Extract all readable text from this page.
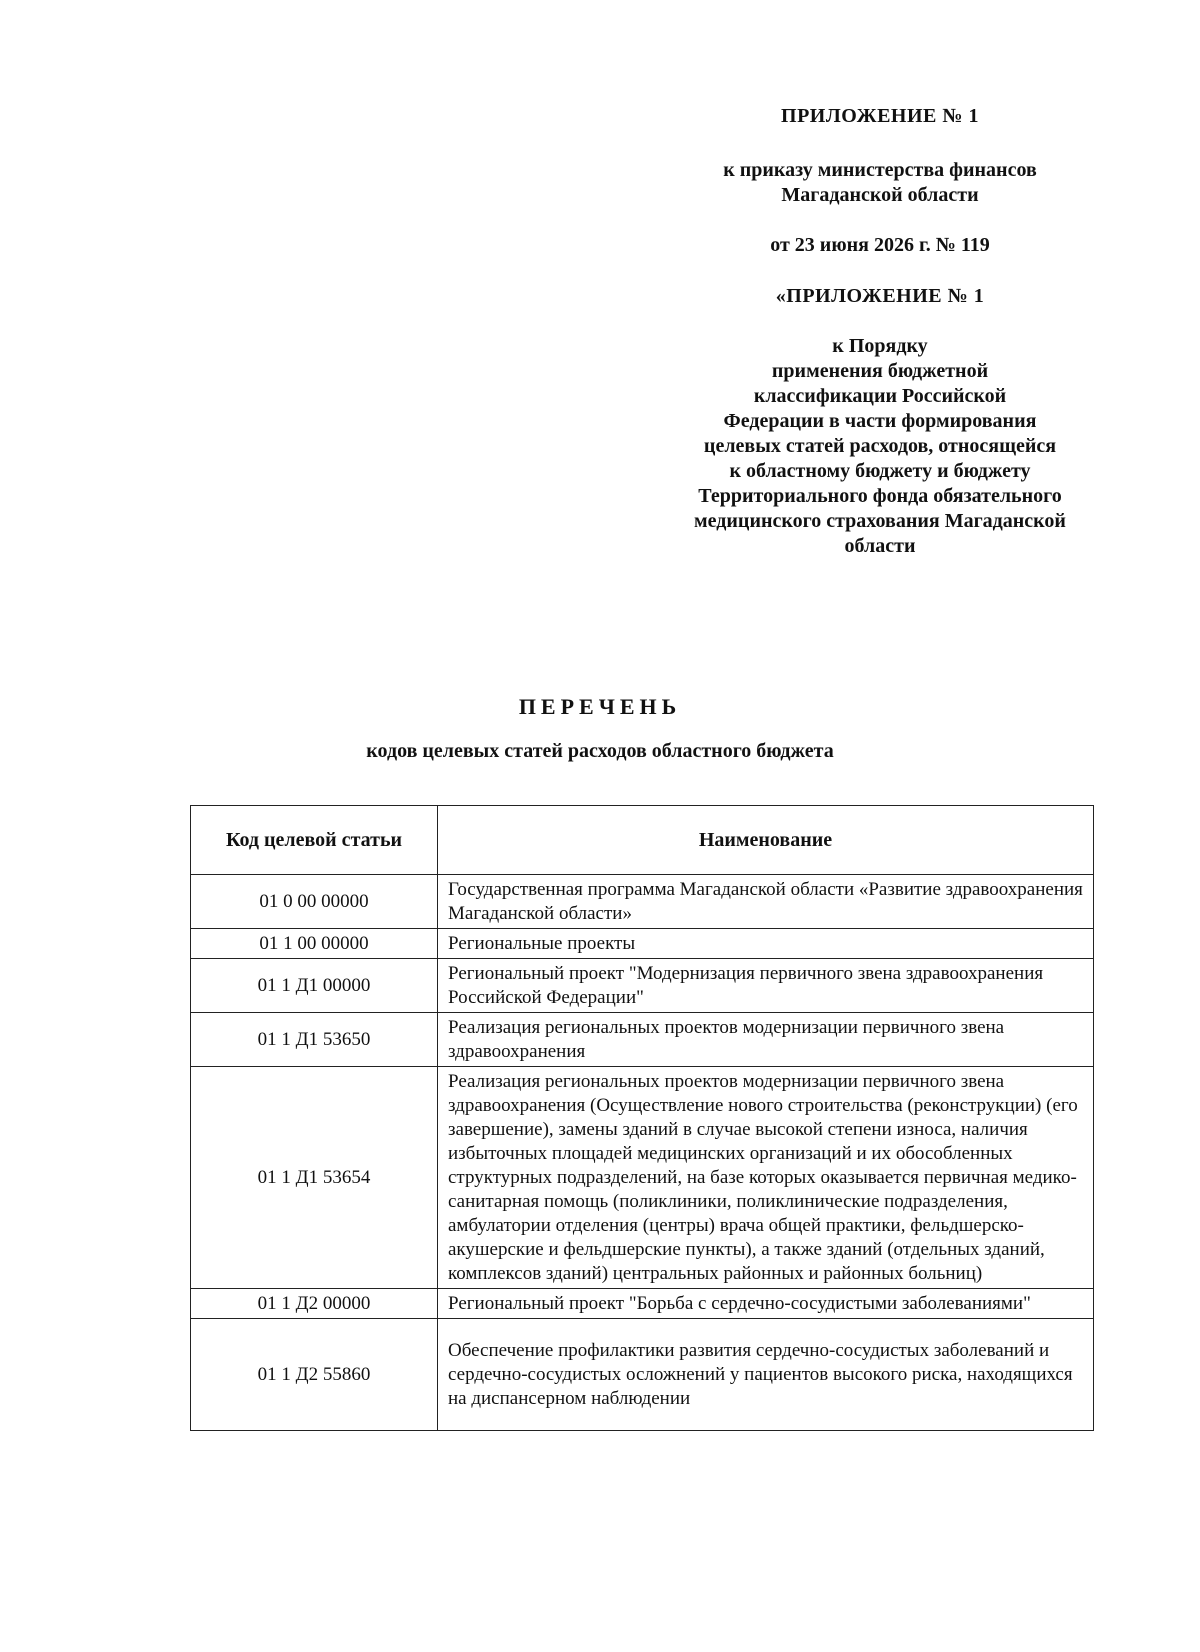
ПРИЛОЖЕНИЕ № 1
к приказу министерства финансов
Магаданской области
от 23 июня 2026 г. № 119
«ПРИЛОЖЕНИЕ № 1
к Порядку
применения бюджетной
классификации Российской
Федерации в части формирования
целевых статей расходов, относящейся
к областному бюджету и бюджету
Территориального фонда обязательного
медицинского страхования Магаданской
области
ПЕРЕЧЕНЬ
кодов целевых статей расходов областного бюджета
Код целевой статьи	Наименование
01 0 00 00000	Государственная программа Магаданской области «Развитие здравоохранения Магаданской области»
01 1 00 00000	Региональные проекты
01 1 Д1 00000	Региональный проект "Модернизация первичного звена здравоохранения Российской Федерации"
01 1 Д1 53650	Реализация региональных проектов модернизации первичного звена здравоохранения
01 1 Д1 53654	Реализация региональных проектов модернизации первичного звена здравоохранения (Осуществление нового строительства (реконструкции) (его завершение), замены зданий в случае высокой степени износа, наличия избыточных площадей медицинских организаций и их обособленных структурных подразделений, на базе которых оказывается первичная медико-санитарная помощь (поликлиники, поликлинические подразделения, амбулатории отделения (центры) врача общей практики, фельдшерско-акушерские и фельдшерские пункты), а также зданий (отдельных зданий, комплексов зданий) центральных районных и районных больниц)
01 1 Д2 00000	Региональный проект "Борьба с сердечно-сосудистыми заболеваниями"
01 1 Д2 55860	Обеспечение профилактики развития сердечно-сосудистых заболеваний и сердечно-сосудистых осложнений у пациентов высокого риска, находящихся на диспансерном наблюдении
